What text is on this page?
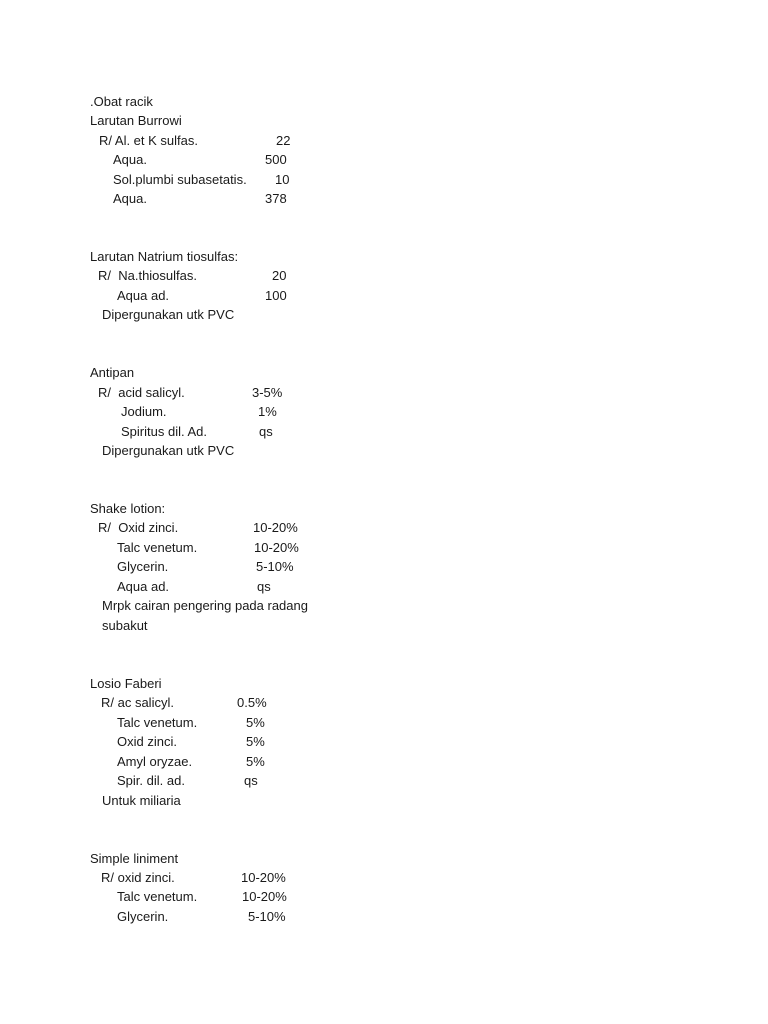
.Obat racik
Larutan Burrowi
R/ Al. et K sulfas.	22
Aqua.	500
Sol.plumbi subasetatis. 10
Aqua.	378
Larutan Natrium tiosulfas:
R/  Na.thiosulfas.	20
Aqua ad.	100
Dipergunakan utk PVC
Antipan
R/  acid salicyl.	3-5%
Jodium.	1%
Spiritus dil. Ad.	qs
Dipergunakan utk PVC
Shake lotion:
R/  Oxid zinci.	10-20%
Talc venetum.	10-20%
Glycerin.	5-10%
Aqua ad.	qs
Mrpk cairan pengering pada radang
subakut
Losio Faberi
R/ ac salicyl.	0.5%
Talc venetum.	5%
Oxid zinci.	5%
Amyl oryzae.	5%
Spir. dil. ad.	qs
Untuk miliaria
Simple liniment
R/ oxid zinci.	10-20%
Talc venetum.	10-20%
Glycerin.	5-10%
